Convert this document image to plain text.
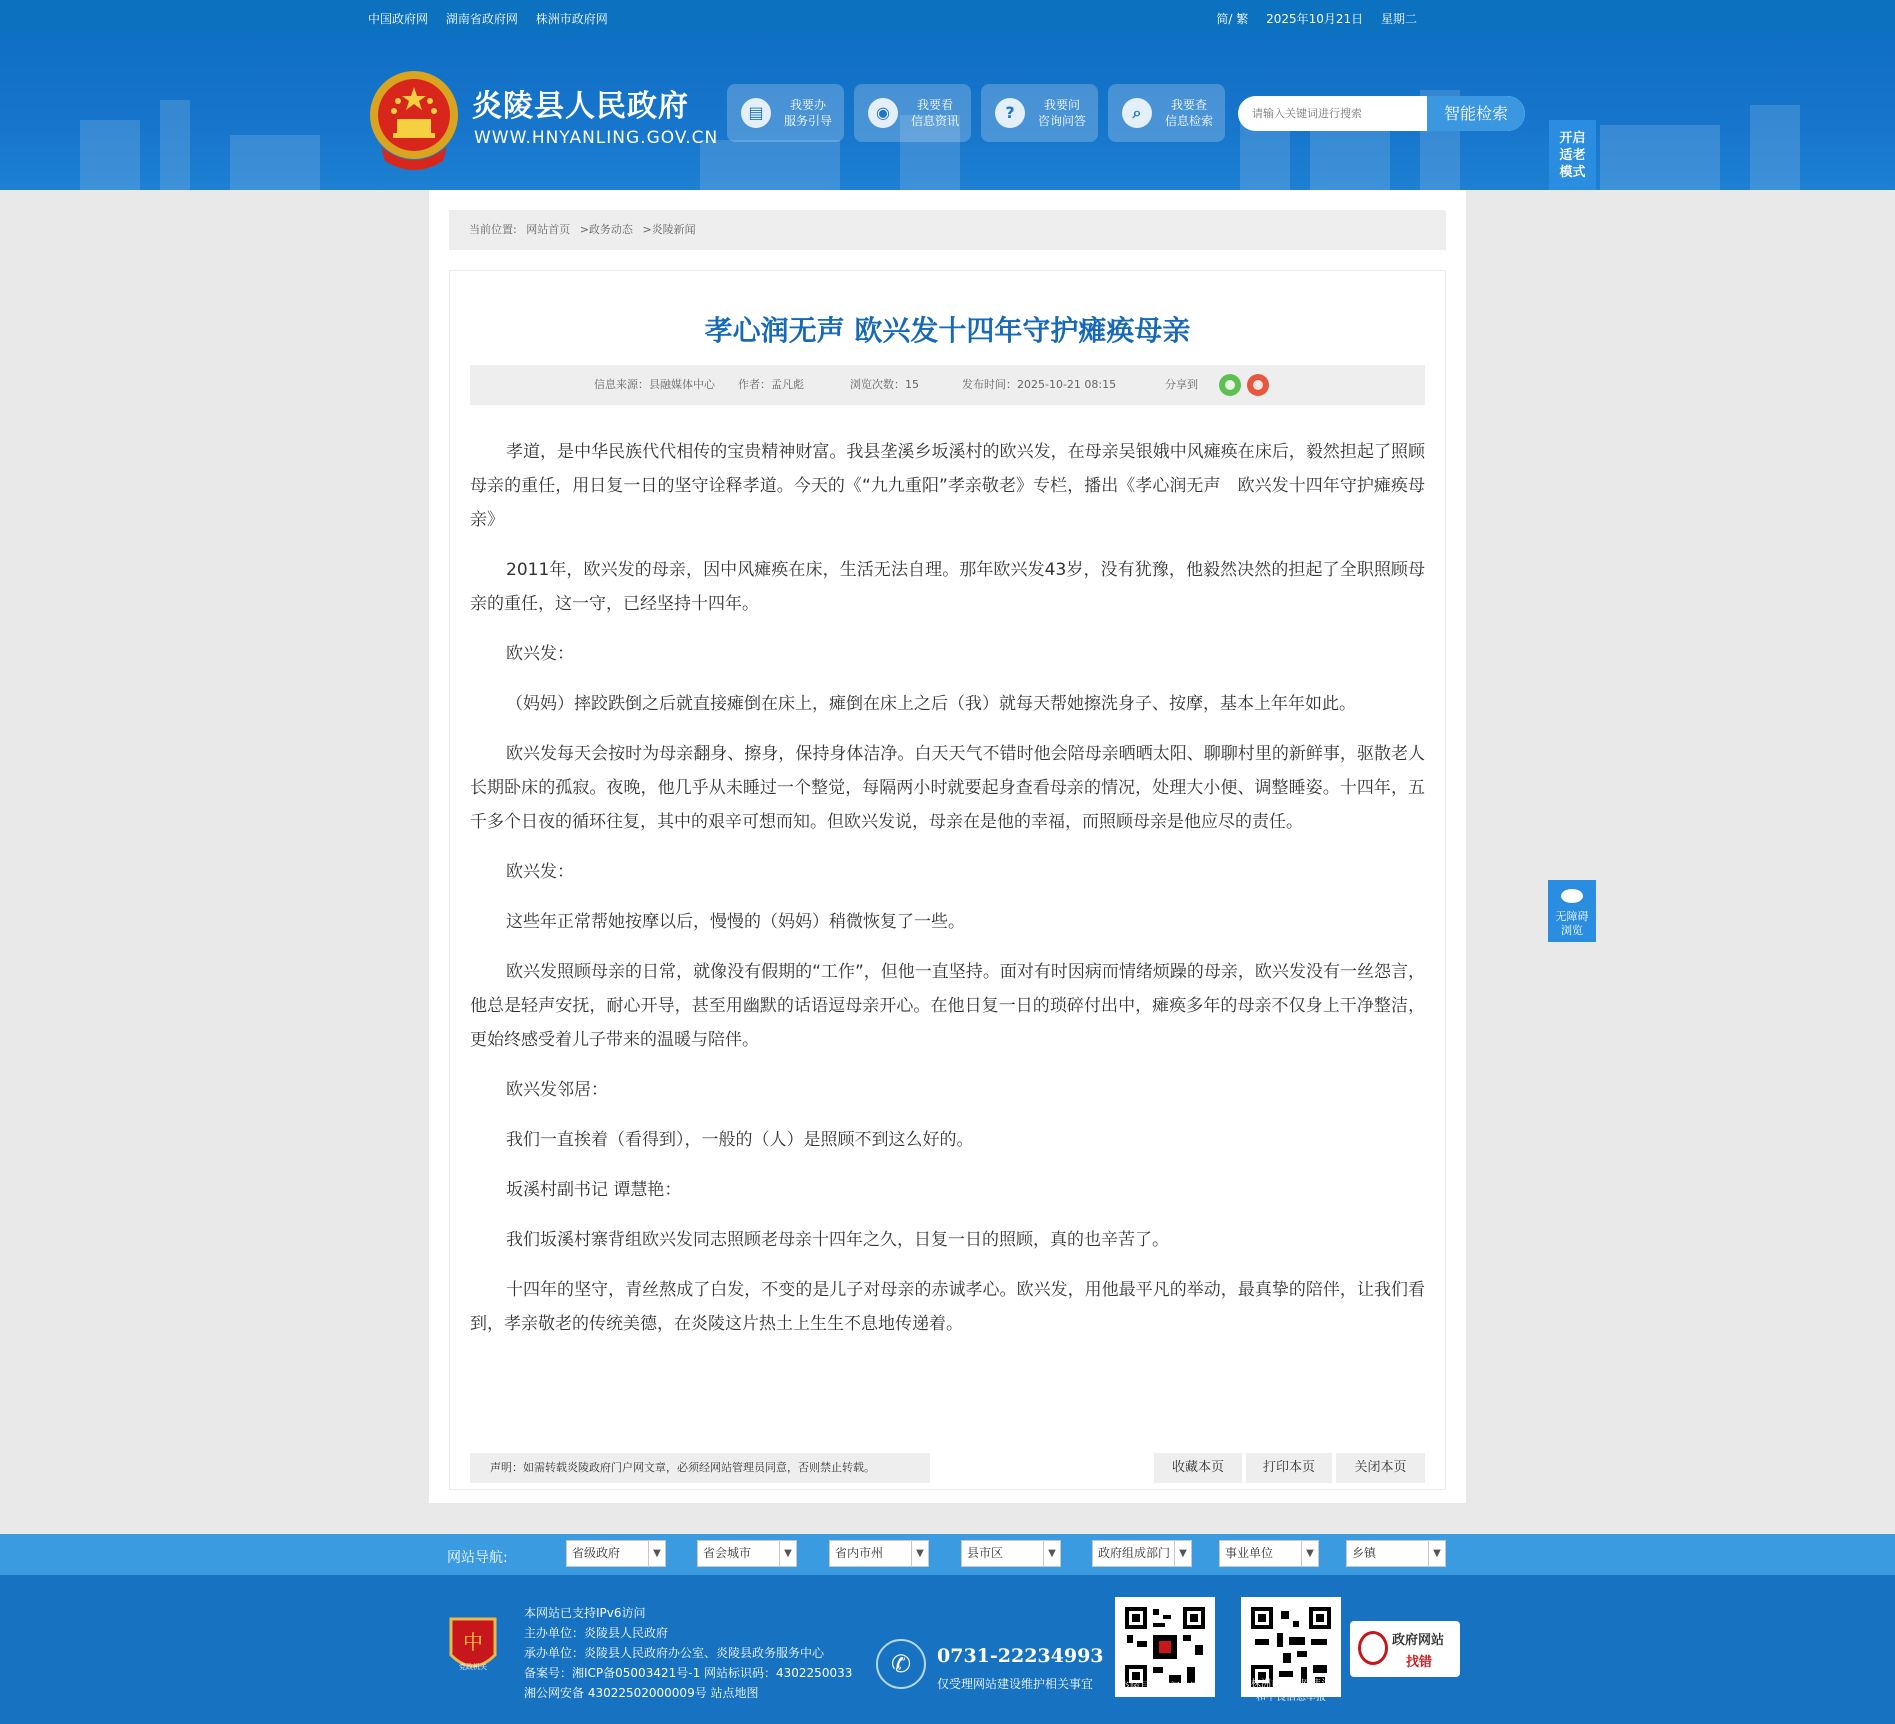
中国政府网 湖南省政府网 株洲市政府网	简/ 繁 2025年10月21日 星期二
炎陵县人民政府
WWW.HNYANLING.GOV.CN
▤	我要办
服务引导	◉	我要看
信息资讯	?	我要问
咨询问答	⌕	我要查
信息检索
请输入关键词进行搜索	智能检索
开启
适老
模式
当前位置: 网站首页 >政务动态 >炎陵新闻
孝心润无声 欧兴发十四年守护瘫痪母亲
信息来源：县融媒体中心 作者：孟凡彪	浏览次数：15	发布时间：2025-10-21 08:15	分享到

孝道，是中华民族代代相传的宝贵精神财富。我县垄溪乡坂溪村的欧兴发，在母亲吴银娥中风瘫痪在床后，毅然担起了照顾母亲的重任，用日复一日的坚守诠释孝道。今天的《“九九重阳”孝亲敬老》专栏，播出《孝心润无声　欧兴发十四年守护瘫痪母亲》

2011年，欧兴发的母亲，因中风瘫痪在床，生活无法自理。那年欧兴发43岁，没有犹豫，他毅然决然的担起了全职照顾母亲的重任，这一守，已经坚持十四年。

欧兴发：

（妈妈）摔跤跌倒之后就直接瘫倒在床上，瘫倒在床上之后（我）就每天帮她擦洗身子、按摩，基本上年年如此。

欧兴发每天会按时为母亲翻身、擦身，保持身体洁净。白天天气不错时他会陪母亲晒晒太阳、聊聊村里的新鲜事，驱散老人长期卧床的孤寂。夜晚，他几乎从未睡过一个整觉，每隔两小时就要起身查看母亲的情况，处理大小便、调整睡姿。十四年，五千多个日夜的循环往复，其中的艰辛可想而知。但欧兴发说，母亲在是他的幸福，而照顾母亲是他应尽的责任。

欧兴发：

这些年正常帮她按摩以后，慢慢的（妈妈）稍微恢复了一些。

欧兴发照顾母亲的日常，就像没有假期的“工作”，但他一直坚持。面对有时因病而情绪烦躁的母亲，欧兴发没有一丝怨言，他总是轻声安抚，耐心开导，甚至用幽默的话语逗母亲开心。在他日复一日的琐碎付出中，瘫痪多年的母亲不仅身上干净整洁，更始终感受着儿子带来的温暖与陪伴。

欧兴发邻居：

我们一直挨着（看得到），一般的（人）是照顾不到这么好的。

坂溪村副书记 谭慧艳：

我们坂溪村寨背组欧兴发同志照顾老母亲十四年之久，日复一日的照顾，真的也辛苦了。

十四年的坚守，青丝熬成了白发，不变的是儿子对母亲的赤诚孝心。欧兴发，用他最平凡的举动，最真挚的陪伴，让我们看到，孝亲敬老的传统美德，在炎陵这片热土上生生不息地传递着。

声明：如需转载炎陵政府门户网文章，必须经网站管理员同意，否则禁止转载。	收藏本页	打印本页	关闭本页
无障碍
浏览
网站导航:	省级政府	▼	省会城市	▼	省内市州	▼	县市区	▼	政府组成部门 ▼	事业单位	▼	乡镇	▼
中
党政机关
本网站已支持IPv6访问
主办单位：炎陵县人民政府
承办单位：炎陵县人民政府办公室、炎陵县政务服务中心
备案号：湘ICP备05003421号-1 网站标识码：4302250033
湘公网安备 43022502000009号 站点地图
✆	0731-22234993
仅受理网站建设维护相关事宜	炎陵县政府门户网站	株洲市互联网违法
和不良信息举报
政府网站
找错
